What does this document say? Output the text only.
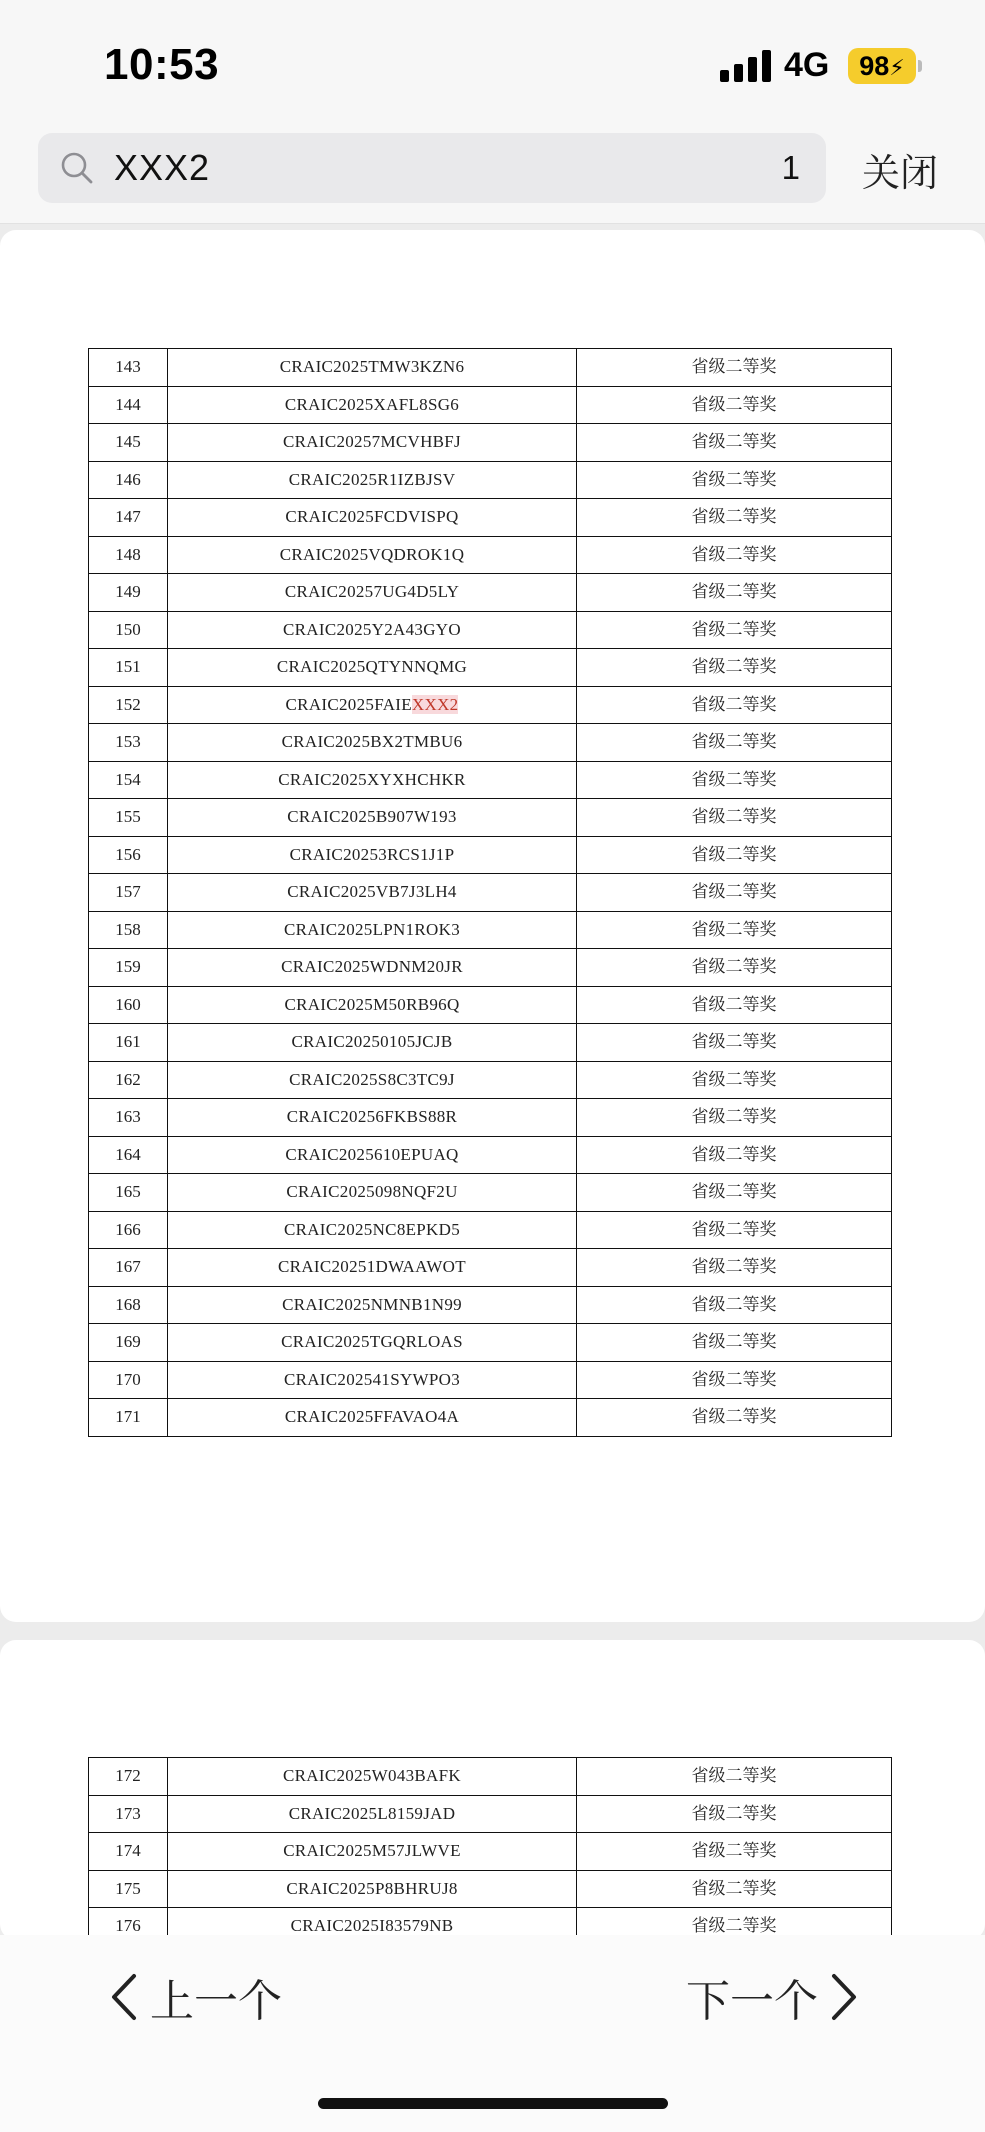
10:53	4G	98⚡
XXX2	1 关闭
143	CRAIC2025TMW3KZN6	省级二等奖
144	CRAIC2025XAFL8SG6	省级二等奖
145	CRAIC20257MCVHBFJ	省级二等奖
146	CRAIC2025R1IZBJSV	省级二等奖
147	CRAIC2025FCDVISPQ	省级二等奖
148	CRAIC2025VQDROK1Q	省级二等奖
149	CRAIC20257UG4D5LY	省级二等奖
150	CRAIC2025Y2A43GYO	省级二等奖
151	CRAIC2025QTYNNQMG	省级二等奖
152	CRAIC2025FAIEXXX2	省级二等奖
153	CRAIC2025BX2TMBU6	省级二等奖
154	CRAIC2025XYXHCHKR	省级二等奖
155	CRAIC2025B907W193	省级二等奖
156	CRAIC20253RCS1J1P	省级二等奖
157	CRAIC2025VB7J3LH4	省级二等奖
158	CRAIC2025LPN1ROK3	省级二等奖
159	CRAIC2025WDNM20JR	省级二等奖
160	CRAIC2025M50RB96Q	省级二等奖
161	CRAIC20250105JCJB	省级二等奖
162	CRAIC2025S8C3TC9J	省级二等奖
163	CRAIC20256FKBS88R	省级二等奖
164	CRAIC2025610EPUAQ	省级二等奖
165	CRAIC2025098NQF2U	省级二等奖
166	CRAIC2025NC8EPKD5	省级二等奖
167	CRAIC20251DWAAWOT	省级二等奖
168	CRAIC2025NMNB1N99	省级二等奖
169	CRAIC2025TGQRLOAS	省级二等奖
170	CRAIC202541SYWPO3	省级二等奖
171	CRAIC2025FFAVAO4A	省级二等奖
172	CRAIC2025W043BAFK	省级二等奖
173	CRAIC2025L8159JAD	省级二等奖
174	CRAIC2025M57JLWVE	省级二等奖
175	CRAIC2025P8BHRUJ8	省级二等奖
176	CRAIC2025I83579NB	省级二等奖
上一个	下一个
